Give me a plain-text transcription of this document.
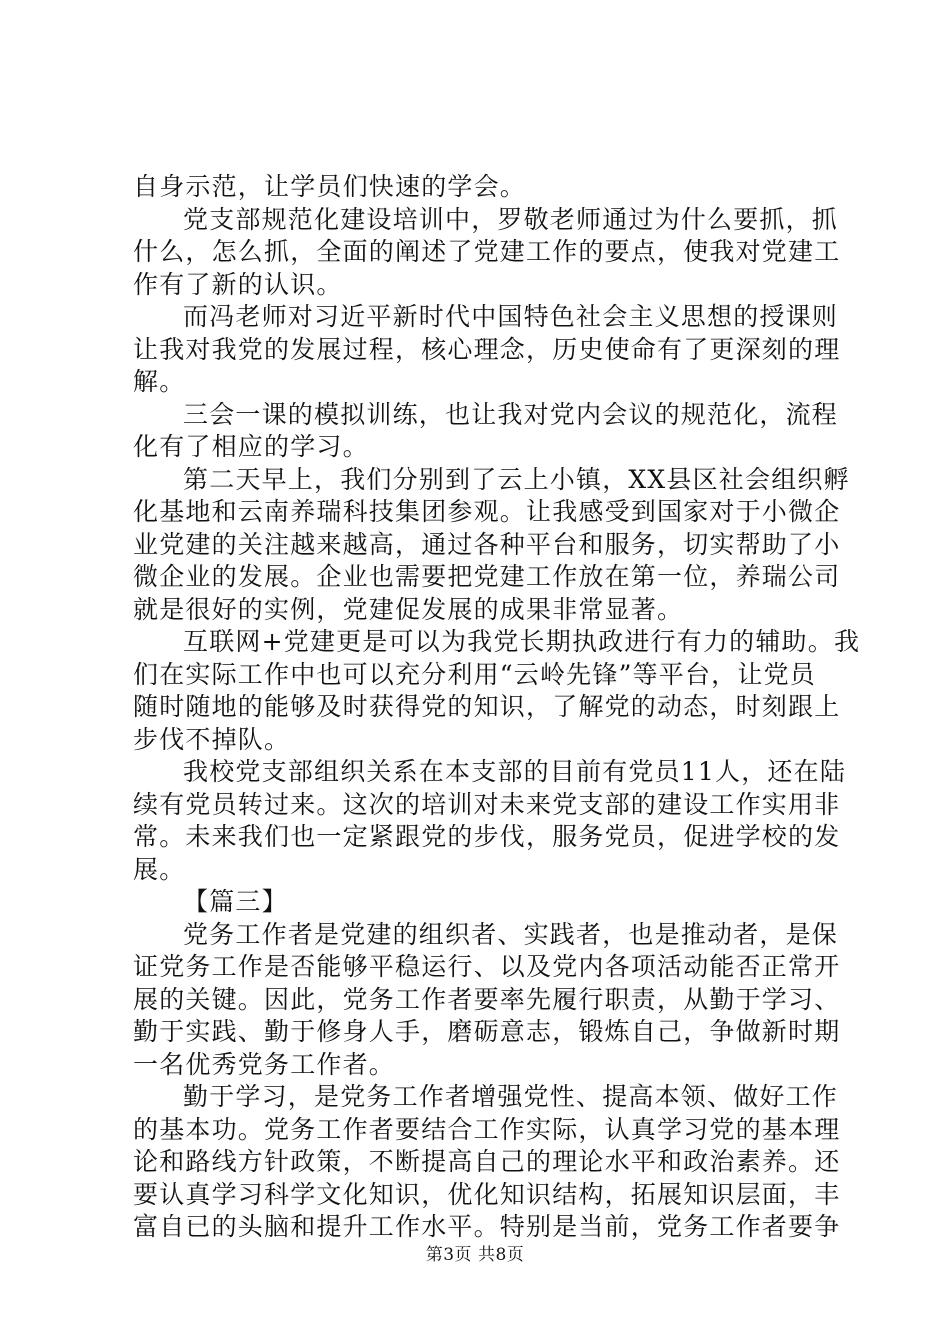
自身示范，让学员们快速的学会。
党支部规范化建设培训中，罗敬老师通过为什么要抓，抓
什么，怎么抓，全面的阐述了党建工作的要点，使我对党建工
作有了新的认识。
而冯老师对习近平新时代中国特色社会主义思想的授课则
让我对我党的发展过程，核心理念，历史使命有了更深刻的理
解。
三会一课的模拟训练，也让我对党内会议的规范化，流程
化有了相应的学习。
第二天早上，我们分别到了云上小镇，XX县区社会组织孵
化基地和云南养瑞科技集团参观。让我感受到国家对于小微企
业党建的关注越来越高，通过各种平台和服务，切实帮助了小
微企业的发展。企业也需要把党建工作放在第一位，养瑞公司
就是很好的实例，党建促发展的成果非常显著。
互联网+党建更是可以为我党长期执政进行有力的辅助。我
们在实际工作中也可以充分利用“云岭先锋”等平台，让党员
随时随地的能够及时获得党的知识，了解党的动态，时刻跟上
步伐不掉队。
我校党支部组织关系在本支部的目前有党员11人，还在陆
续有党员转过来。这次的培训对未来党支部的建设工作实用非
常。未来我们也一定紧跟党的步伐，服务党员，促进学校的发
展。
【篇三】
党务工作者是党建的组织者、实践者，也是推动者，是保
证党务工作是否能够平稳运行、以及党内各项活动能否正常开
展的关键。因此，党务工作者要率先履行职责，从勤于学习、
勤于实践、勤于修身人手，磨砺意志，锻炼自己，争做新时期
一名优秀党务工作者。
勤于学习，是党务工作者增强党性、提高本领、做好工作
的基本功。党务工作者要结合工作实际，认真学习党的基本理
论和路线方针政策，不断提高自己的理论水平和政治素养。还
要认真学习科学文化知识，优化知识结构，拓展知识层面，丰
富自已的头脑和提升工作水平。特别是当前，党务工作者要争
第3页 共8页
